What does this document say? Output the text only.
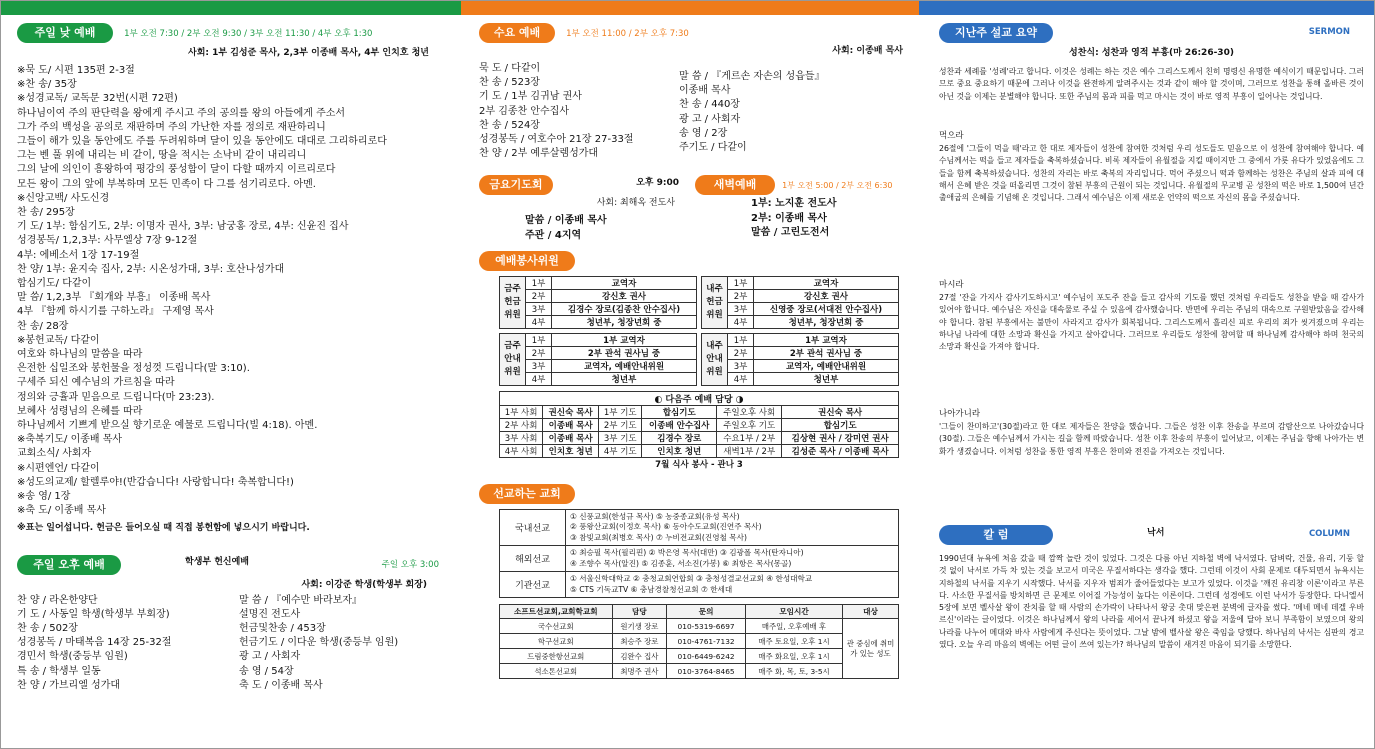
주일 낮 예배	1부 오전 7:30 / 2부 오전 9:30 / 3부 오전 11:30 / 4부 오후 1:30
사회: 1부 김성준 목사, 2,3부 이종배 목사, 4부 인치호 청년
※묵 도/ 시편 135편 2-3절
※찬 송/ 35장
※성경교독/ 교독문 32번(시편 72편)
하나님이여 주의 판단력을 왕에게 주시고 주의 공의를 왕의 아들에게 주소서
그가 주의 백성을 공의로 재판하며 주의 가난한 자를 정의로 재판하리니
그들이 해가 있을 동안에도 주를 두려워하며 달이 있을 동안에도 대대로 그리하리로다
그는 벤 풀 위에 내리는 비 같이, 땅을 적시는 소낙비 같이 내리리니
그의 날에 의인이 흥왕하여 평강의 풍성함이 달이 다할 때까지 이르리로다
모든 왕이 그의 앞에 부복하며 모든 민족이 다 그를 섬기리로다. 아멘.
※신앙고백/ 사도신경
찬 송/ 295장
기 도/ 1부: 함심기도, 2부: 이명자 권사, 3부: 남궁홍 장로, 4부: 신윤진 집사
성경봉독/ 1,2,3부: 사무엘상 7장 9-12절
4부: 에베소서 1장 17-19절
찬 양/ 1부: 윤지숙 집사, 2부: 시온성가대, 3부: 호산나성가대
합심기도/ 다같이
말 씀/ 1,2,3부 『회개와 부흥』 이종배 목사
4부 『함께 하시기를 구하노라』 구제영 목사
찬 송/ 28장
※봉헌교독/ 다같이
여호와 하나님의 말씀을 따라
은전한 십일조와 봉헌물을 정성껏 드립니다(말 3:10).
구세주 되신 예수님의 가르침을 따라
정의와 긍휼과 믿음으로 드립니다(마 23:23).
보혜사 성령님의 은혜를 따라
하나님께서 기쁘게 받으실 향기로운 예물로 드립니다(빌 4:18). 아멘.
※축복기도/ 이종배 목사
교회소식/ 사회자
※시편엔언/ 다같이
※성도의교제/ 할렐루야!(반갑습니다! 사랑합니다! 축복합니다!)
※송 영/ 1장
※축 도/ 이종배 목사
※표는 일어섭니다. 헌금은 들어오실 때 직접 봉헌함에 넣으시기 바랍니다.
주일 오후 예배	학생부 헌신예배	주일 오후 3:00
사회: 이강준 학생(학생부 회장)
찬 양 / 라온한양단
기 도 / 사동일 학생(학생부 부회장)
찬 송 / 502장
성경봉독 / 마태복음 14장 25-32절
경민서 학생(중등부 임원)
특 송 / 학생부 일동
찬 양 / 가브리엘 성가대
말 씀 / 『예수만 바라보자』
설명진 전도사
헌금및찬송 / 453장
헌금기도 / 이다운 학생(중등부 임원)
광 고 / 사회자
송 영 / 54장
축 도 / 이종배 목사
수요 예배	1부 오전 11:00 / 2부 오후 7:30
사회: 이종배 목사
묵 도 / 다같이
찬 송 / 523장
기 도 / 1부 김귀남 권사
2부 김종찬 안수집사
찬 송 / 524장
성경봉독 / 여호수아 21장 27-33절
찬 양 / 2부 예루살렘성가대
말 씀 / 『게르손 자손의 성읍들』
이종배 목사
찬 송 / 440장
광 고 / 사회자
송 영 / 2장
주기도 / 다같이
금요기도회	오후 9:00
사회: 최해옥 전도사
말씀 / 이종배 목사
주관 / 4지역
새벽예배	1부 오전 5:00 / 2부 오전 6:30
1부: 노지훈 전도사
2부: 이종배 목사
말씀 / 고린도전서
예배봉사위원
금주 헌금 위원	1부	교역자
	2부	강신호 권사
	3부	김경수 장로(김종찬 안수집사)
	4부	청년부, 청장년회 중
내주 헌금 위원	1부	교역자
	2부	강신호 권사
	3부	신영중 장로(서대전 안수집사)
	4부	청년부, 청장년회 중
금주 안내 위원	1부	1부 교역자
	2부	2부 관석 권사님 중
	3부	교역자, 예배안내위원
	4부	청년부
내주 안내 위원	1부	1부 교역자
	2부	2부 관석 권사님 중
	3부	교역자, 예배안내위원
	4부	청년부
◐ 다음주 예배 담당 ◑					
1부 사회	권신숙 목사	1부 기도	합심기도	주일오후 사회	권신숙 목사
2부 사회	이종배 목사	2부 기도	이종배 안수집사	주일오후 기도	합심기도
3부 사회	이종배 목사	3부 기도	김경수 장로	수요1부 / 2부	김상현 권사 / 강미연 권사
4부 사회	인치호 청년	4부 기도	인치호 청년	새벽1부 / 2부	김성준 목사 / 이종배 목사
7월 식사 봉사 - 관나 3					
선교하는 교회
국내선교	① 신풍교회(한성규 목사) ⑤ 농중종교회(유성 목사)
② 풍왕산교회(이정호 목사) ⑥ 동아수도교회(진연주 목사)
③ 참빛교회(최병호 목사) ⑦ 누비전교회(진영철 목사)

해외선교	① 최승필 목사(필리핀) ② 박은영 목사(대만) ③ 김광폴 목사(탄자니아)
④ 조향수 목사(알진) ⑤ 김종훈, 서소진(가봉) ⑥ 최항은 목사(몽골)

기관선교	① 서울신학대학교 ② 충청교회연합회 ③ 충청성결교선교회 ④ 한성대학교
⑤ CTS 기독교TV ⑥ 충남경찰청선교회 ⑦ 한세대
소프트선교회,교회학교회	담당	문의	모임시간	대상
국수선교회	원기생 장로	010-5319-6697	매주일, 오후예배 후	관 중심에 취미가 있는 성도
학구선교회	최승주 장로	010-4761-7132	매주 토요일, 오후 1시	
드림중한항선교회	김완수 집사	010-6449-6242	매주 화요일, 오후 1시	
석소톤선교회	최명주 권사	010-3764-8465	매주 화, 목, 토, 3-5시	
지난주 설교 요약	SERMON
성찬식: 성찬과 영적 부흥(마 26:26-30)
성찬과 세례를 '성례'라고 합니다. 이것은 성례는 하는 것은 예수 그리스도께서 친히 명령신 유명한 예식이기 때문입니다. 그러므로 중요 중요하기 때문에 그러나 이것을 완전하게 알려주시는 것과 같이 해야 할 것이며, 그러므로 성찬을 통해 올바른 것이 아닌 것을 이제는 분별해야 합니다. 또한 주님의 몸과 피를 먹고 마시는 것이 바로 영적 부흥이 일어나는 것입니다.
먹으라
26절에 '그들이 먹을 때'라고 한 대로 제자들이 성찬에 참여한 것처럼 우리 성도들도 믿음으로 이 성찬에 참여해야 합니다. 예수님께서는 떡을 들고 제자들을 축복하셨습니다. 비록 제자들이 유월절을 지킬 때이지만 그 중에서 가룟 유다가 있었음에도 그들을 함께 축복하셨습니다. 성찬의 자리는 바로 축복의 자리입니다. 먹어 주셨으니 떡과 함께하는 성찬은 주님의 살과 피에 대해서 은혜 받은 것을 떠올리면 그것이 참된 부흥의 근원이 되는 것입니다. 유월절의 무교병 곧 성찬의 떡은 바로 1,500여 년간 출애굽의 은혜를 기념해 온 것입니다. 그래서 예수님은 이제 새로운 언약의 떡으로 자신의 몸을 주셨습니다.
마시라
27절 '잔을 가지사 감사기도하시고' 예수님이 포도주 잔을 들고 감사의 기도를 했던 것처럼 우리들도 성찬을 받을 때 감사가 있어야 합니다. 예수님은 자신을 대속물로 주실 수 있음에 감사했습니다. 반면에 우리는 주님의 대속으로 구원받았음을 감사해야 합니다. 참된 부흥에서는 불만이 사라지고 감사가 회복됩니다. 그리스도께서 흘리신 피로 우리의 죄가 씻겨졌으며 우리는 하나님 나라에 대한 소망과 확신을 가지고 살아갑니다. 그러므로 우리들도 성찬에 참여할 때 하나님께 감사해야 하며 천국의 소망과 확신을 가져야 합니다.
나아가니라
'그들이 찬미하고'(30절)라고 한 대로 제자들은 찬양을 했습니다. 그들은 성찬 이후 찬송을 부르며 감람산으로 나아갔습니다(30절). 그들은 예수님께서 가시는 길을 함께 따랐습니다. 성찬 이후 찬송의 부흥이 일어났고, 이제는 주님을 향해 나아가는 변화가 생겼습니다. 이처럼 성찬을 통한 영적 부흥은 찬미와 전진을 가져오는 것입니다.
칼 럼	낙서	COLUMN
1990년대 뉴욕에 처음 갔을 때 깜짝 놀란 것이 있었다. 그것은 다름 아닌 지하철 벽에 낙서였다. 담벼락, 건물, 유리, 기둥 할 것 없이 낙서로 가득 차 있는 것을 보고서 미국은 무질서하다는 생각을 했다. 그런데 이것이 사회 문제로 대두되면서 뉴욕시는 지하철의 낙서를 지우기 시작했다. 낙서를 지우자 범죄가 줄어들었다는 보고가 있었다. 이것을 '깨진 유리창 이론'이라고 부른다. 사소한 무질서를 방치하면 큰 문제로 이어질 가능성이 높다는 이론이다. 그런데 성경에도 이런 낙서가 등장한다. 다니엘서 5장에 보면 벨사살 왕이 잔치를 할 때 사람의 손가락이 나타나서 왕궁 촛대 맞은편 분벽에 글자를 썼다. '메네 메네 데겔 우바르신'이라는 글이었다. 이것은 하나님께서 왕의 나라를 세어서 끝나게 하셨고 왕을 저울에 달아 보니 부족함이 보였으며 왕의 나라를 나누어 메대와 바사 사람에게 주신다는 뜻이었다. 그날 밤에 벨사살 왕은 죽임을 당했다. 하나님의 낙서는 심판의 경고였다. 오늘 우리 마음의 벽에는 어떤 글이 쓰여 있는가? 하나님의 말씀이 새겨진 마음이 되기를 소망한다.
